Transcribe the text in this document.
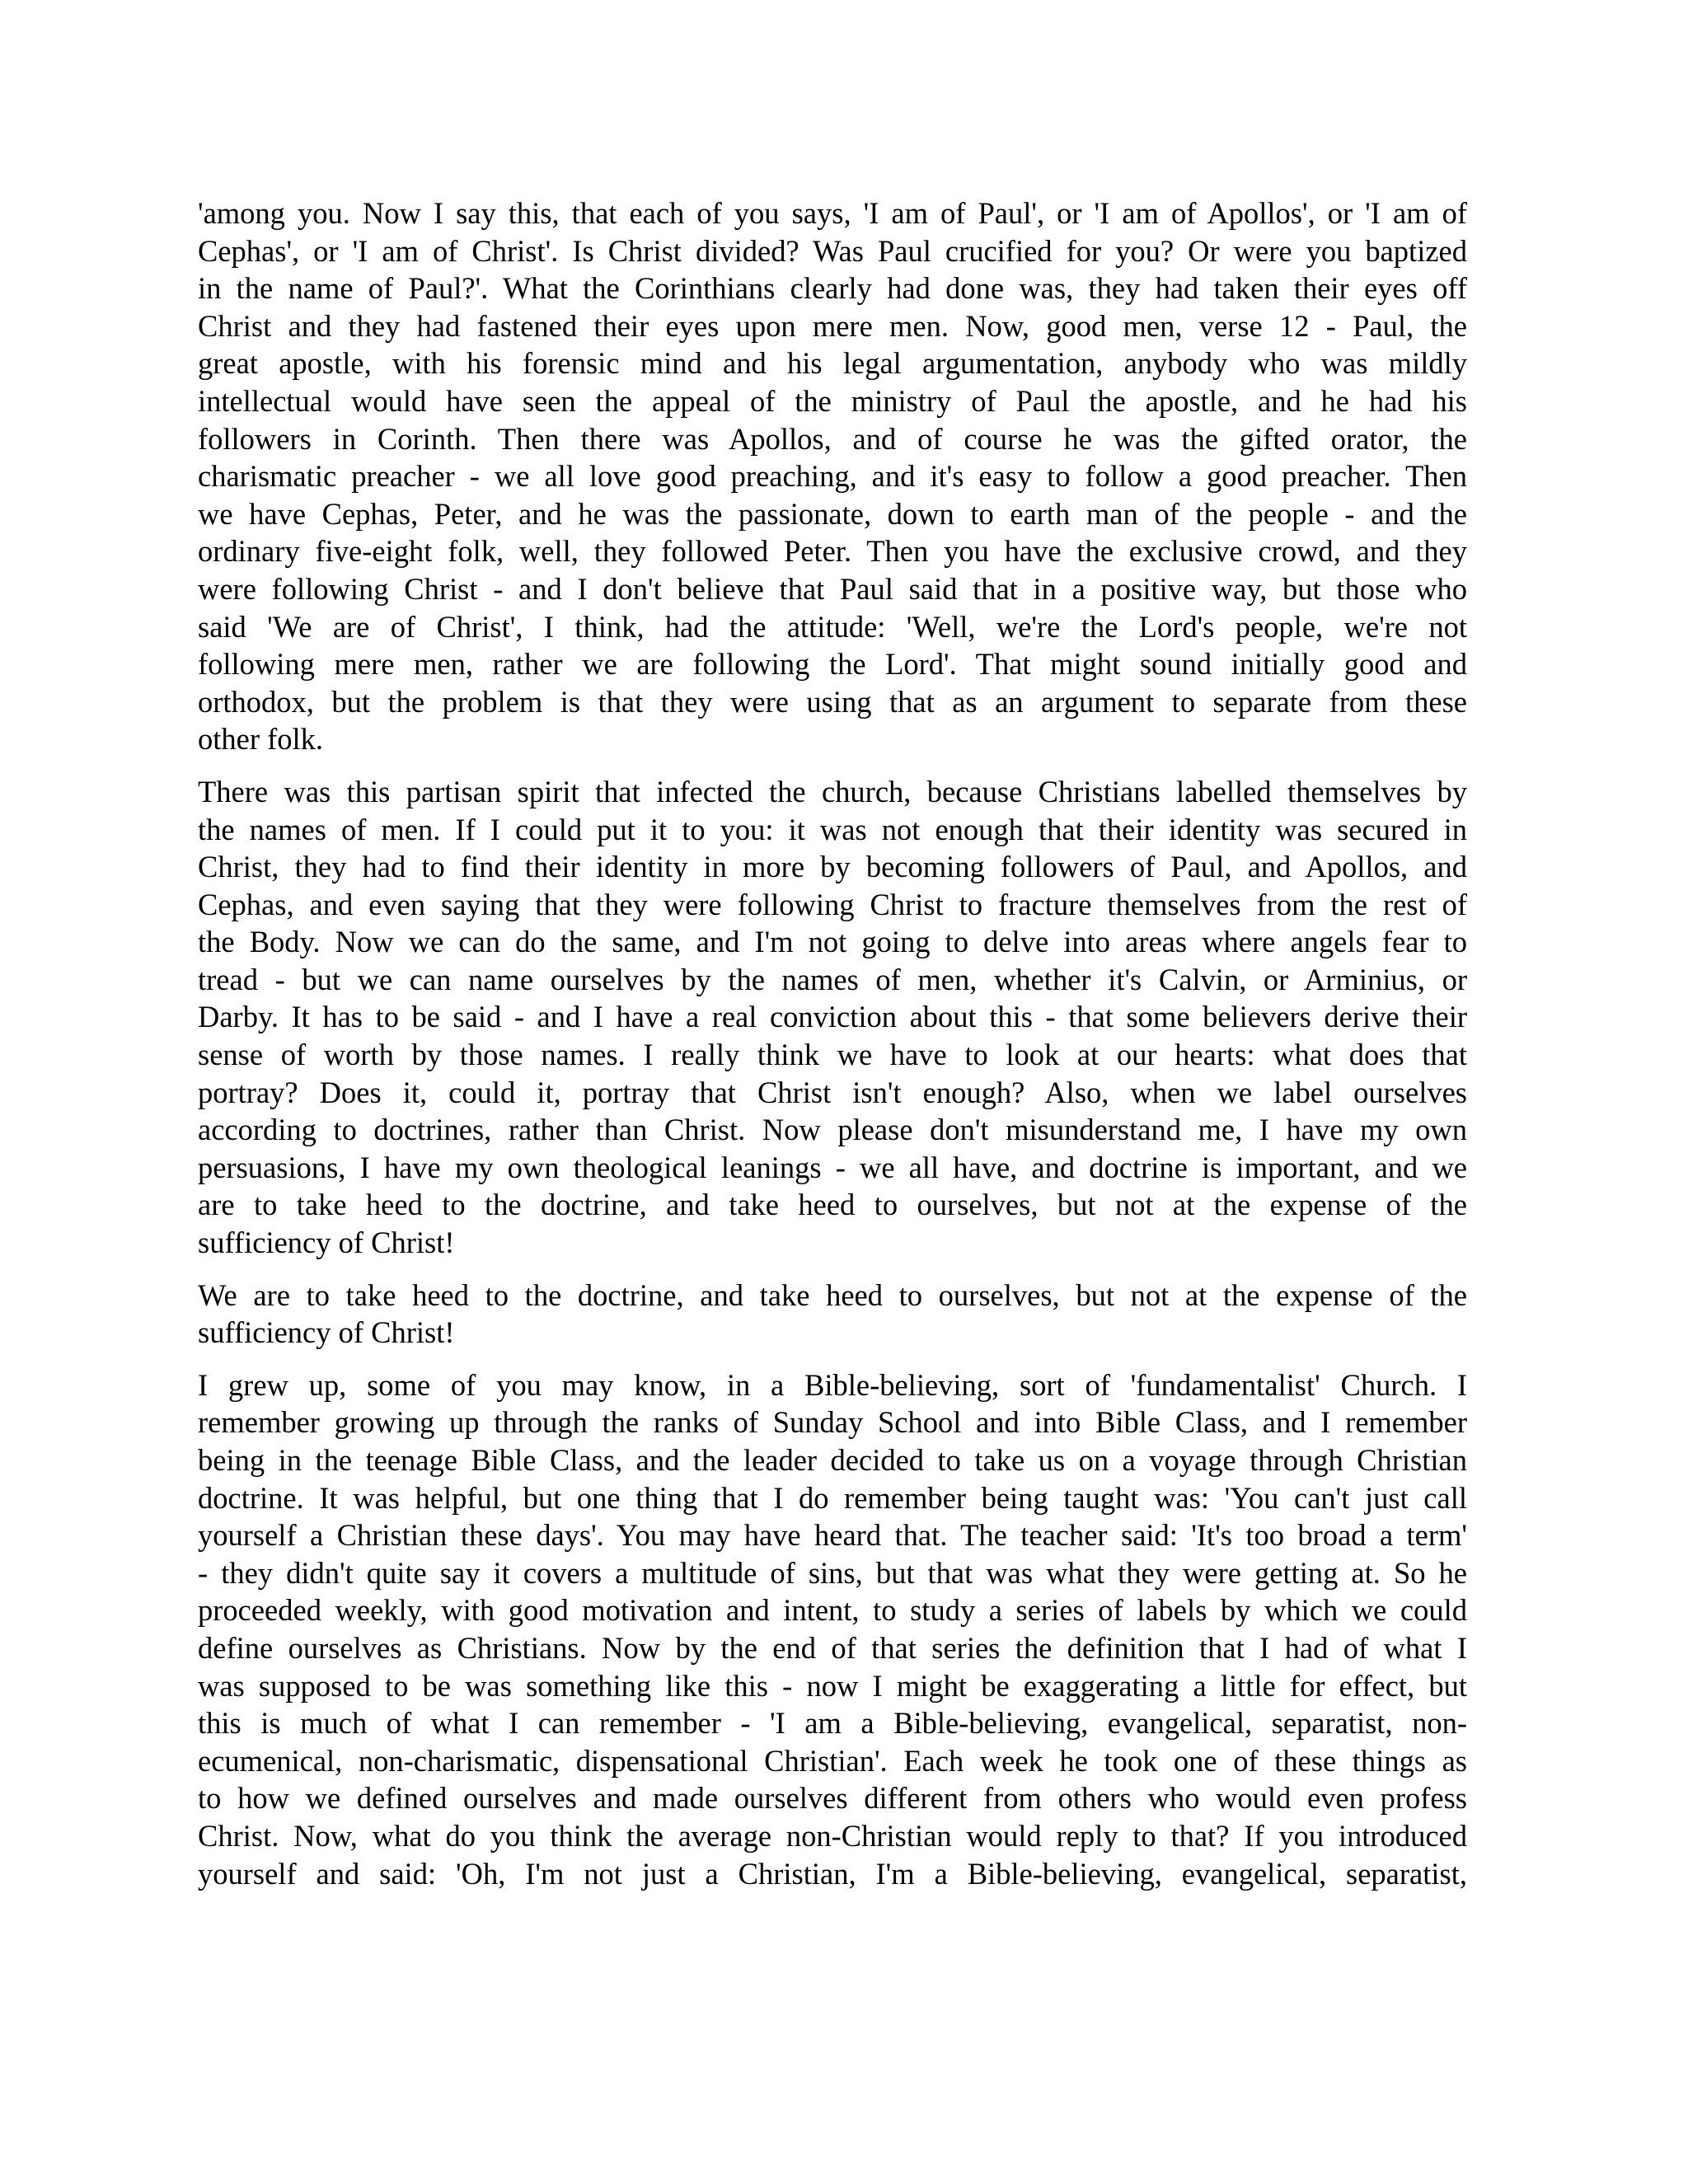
'among you. Now I say this, that each of you says, 'I am of Paul', or 'I am of Apollos', or 'I am of
Cephas', or 'I am of Christ'. Is Christ divided? Was Paul crucified for you? Or were you baptized
in the name of Paul?'. What the Corinthians clearly had done was, they had taken their eyes off
Christ and they had fastened their eyes upon mere men. Now, good men, verse 12 - Paul, the
great apostle, with his forensic mind and his legal argumentation, anybody who was mildly
intellectual would have seen the appeal of the ministry of Paul the apostle, and he had his
followers in Corinth. Then there was Apollos, and of course he was the gifted orator, the
charismatic preacher - we all love good preaching, and it's easy to follow a good preacher. Then
we have Cephas, Peter, and he was the passionate, down to earth man of the people - and the
ordinary five-eight folk, well, they followed Peter. Then you have the exclusive crowd, and they
were following Christ - and I don't believe that Paul said that in a positive way, but those who
said 'We are of Christ', I think, had the attitude: 'Well, we're the Lord's people, we're not
following mere men, rather we are following the Lord'. That might sound initially good and
orthodox, but the problem is that they were using that as an argument to separate from these
other folk.
There was this partisan spirit that infected the church, because Christians labelled themselves by
the names of men. If I could put it to you: it was not enough that their identity was secured in
Christ, they had to find their identity in more by becoming followers of Paul, and Apollos, and
Cephas, and even saying that they were following Christ to fracture themselves from the rest of
the Body. Now we can do the same, and I'm not going to delve into areas where angels fear to
tread - but we can name ourselves by the names of men, whether it's Calvin, or Arminius, or
Darby. It has to be said - and I have a real conviction about this - that some believers derive their
sense of worth by those names. I really think we have to look at our hearts: what does that
portray? Does it, could it, portray that Christ isn't enough? Also, when we label ourselves
according to doctrines, rather than Christ. Now please don't misunderstand me, I have my own
persuasions, I have my own theological leanings - we all have, and doctrine is important, and we
are to take heed to the doctrine, and take heed to ourselves, but not at the expense of the
sufficiency of Christ!
We are to take heed to the doctrine, and take heed to ourselves, but not at the expense of the
sufficiency of Christ!
I grew up, some of you may know, in a Bible-believing, sort of 'fundamentalist' Church. I
remember growing up through the ranks of Sunday School and into Bible Class, and I remember
being in the teenage Bible Class, and the leader decided to take us on a voyage through Christian
doctrine. It was helpful, but one thing that I do remember being taught was: 'You can't just call
yourself a Christian these days'. You may have heard that. The teacher said: 'It's too broad a term'
- they didn't quite say it covers a multitude of sins, but that was what they were getting at. So he
proceeded weekly, with good motivation and intent, to study a series of labels by which we could
define ourselves as Christians. Now by the end of that series the definition that I had of what I
was supposed to be was something like this - now I might be exaggerating a little for effect, but
this is much of what I can remember - 'I am a Bible-believing, evangelical, separatist, non-
ecumenical, non-charismatic, dispensational Christian'. Each week he took one of these things as
to how we defined ourselves and made ourselves different from others who would even profess
Christ. Now, what do you think the average non-Christian would reply to that? If you introduced
yourself and said: 'Oh, I'm not just a Christian, I'm a Bible-believing, evangelical, separatist,
